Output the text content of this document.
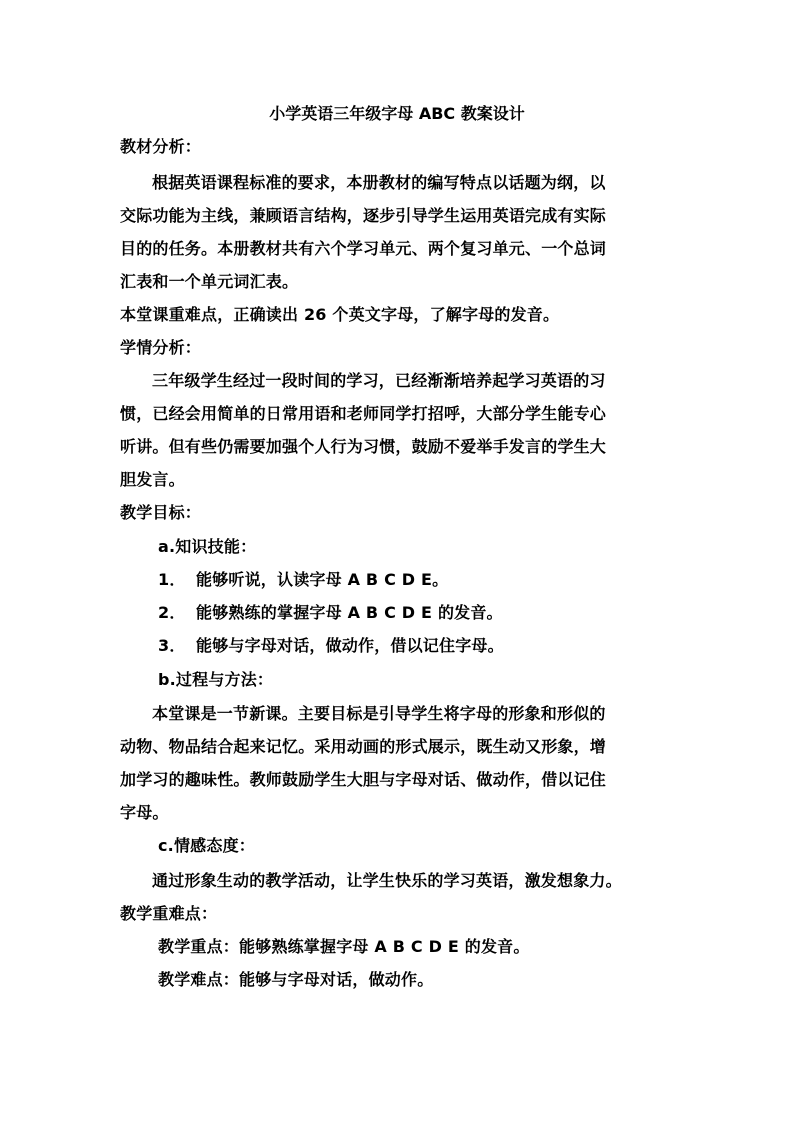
小学英语三年级字母 ABC 教案设计
教材分析：
根据英语课程标准的要求，本册教材的编写特点以话题为纲，以
交际功能为主线，兼顾语言结构，逐步引导学生运用英语完成有实际
目的的任务。本册教材共有六个学习单元、两个复习单元、一个总词
汇表和一个单元词汇表。
本堂课重难点，正确读出 26 个英文字母，了解字母的发音。
学情分析：
三年级学生经过一段时间的学习，已经渐渐培养起学习英语的习
惯，已经会用简单的日常用语和老师同学打招呼，大部分学生能专心
听讲。但有些仍需要加强个人行为习惯，鼓励不爱举手发言的学生大
胆发言。
教学目标：
a.知识技能：
1． 能够听说，认读字母 A B C D E。
2． 能够熟练的掌握字母 A B C D E 的发音。
3． 能够与字母对话，做动作，借以记住字母。
b.过程与方法：
本堂课是一节新课。主要目标是引导学生将字母的形象和形似的
动物、物品结合起来记忆。采用动画的形式展示，既生动又形象，增
加学习的趣味性。教师鼓励学生大胆与字母对话、做动作，借以记住
字母。
c.情感态度：
通过形象生动的教学活动，让学生快乐的学习英语，激发想象力。
教学重难点：
教学重点：能够熟练掌握字母 A B C D E 的发音。
教学难点：能够与字母对话，做动作。
